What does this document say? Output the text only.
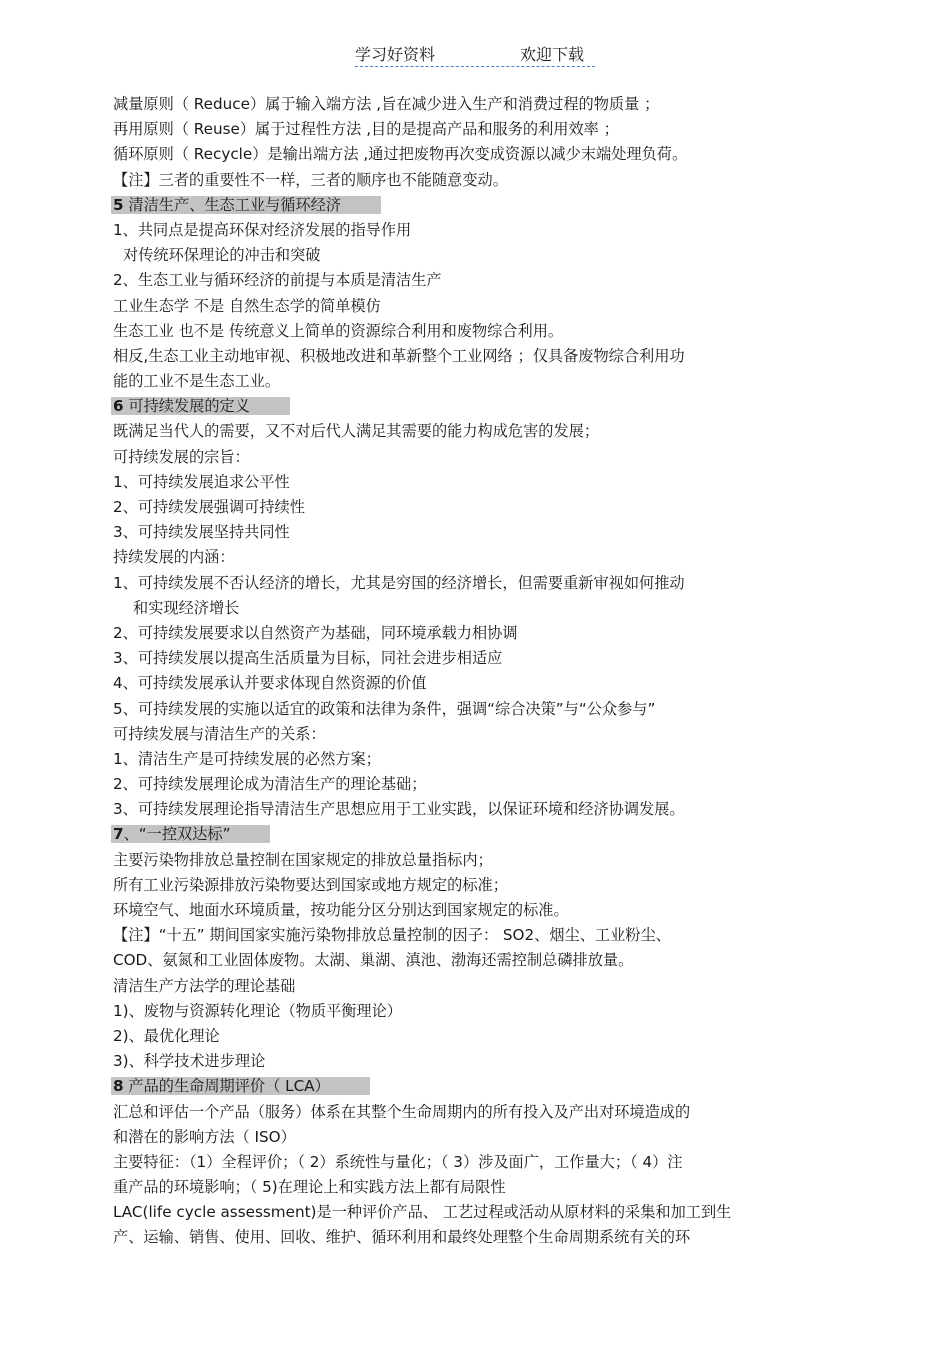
学习好资料	欢迎下载
减量原则（ Reduce）属于输入端方法 ,旨在减少进入生产和消费过程的物质量 ；
再用原则（ Reuse）属于过程性方法 ,目的是提高产品和服务的利用效率 ；
循环原则（ Recycle）是输出端方法 ,通过把废物再次变成资源以减少末端处理负荷。
【注】三者的重要性不一样，三者的顺序也不能随意变动。
5 清洁生产、生态工业与循环经济
1、共同点是提高环保对经济发展的指导作用
对传统环保理论的冲击和突破
2、生态工业与循环经济的前提与本质是清洁生产
工业生态学 不是 自然生态学的简单模仿
生态工业 也不是 传统意义上简单的资源综合利用和废物综合利用。
相反,生态工业主动地审视、积极地改进和革新整个工业网络 ；仅具备废物综合利用功
能的工业不是生态工业。
6 可持续发展的定义
既满足当代人的需要，又不对后代人满足其需要的能力构成危害的发展；
可持续发展的宗旨：
1、可持续发展追求公平性
2、可持续发展强调可持续性
3、可持续发展坚持共同性
持续发展的内涵：
1、可持续发展不否认经济的增长，尤其是穷国的经济增长，但需要重新审视如何推动
和实现经济增长
2、可持续发展要求以自然资产为基础，同环境承载力相协调
3、可持续发展以提高生活质量为目标，同社会进步相适应
4、可持续发展承认并要求体现自然资源的价值
5、可持续发展的实施以适宜的政策和法律为条件，强调“综合决策”与“公众参与”
可持续发展与清洁生产的关系：
1、清洁生产是可持续发展的必然方案；
2、可持续发展理论成为清洁生产的理论基础；
3、可持续发展理论指导清洁生产思想应用于工业实践，以保证环境和经济协调发展。
7、“一控双达标”
主要污染物排放总量控制在国家规定的排放总量指标内；
所有工业污染源排放污染物要达到国家或地方规定的标准；
环境空气、地面水环境质量，按功能分区分别达到国家规定的标准。
【注】“十五” 期间国家实施污染物排放总量控制的因子： SO2、烟尘、工业粉尘、
COD、氨氮和工业固体废物。太湖、巢湖、滇池、渤海还需控制总磷排放量。
清洁生产方法学的理论基础
1)、废物与资源转化理论（物质平衡理论）
2)、最优化理论
3)、科学技术进步理论
8 产品的生命周期评价（ LCA）
汇总和评估一个产品（服务）体系在其整个生命周期内的所有投入及产出对环境造成的
和潜在的影响方法（ ISO）
主要特征：（1）全程评价；（ 2）系统性与量化；（ 3）涉及面广，工作量大；（ 4）注
重产品的环境影响；（ 5)在理论上和实践方法上都有局限性
LAC(life cycle assessment)是一种评价产品、 工艺过程或活动从原材料的采集和加工到生
产、运输、销售、使用、回收、维护、循环利用和最终处理整个生命周期系统有关的环
